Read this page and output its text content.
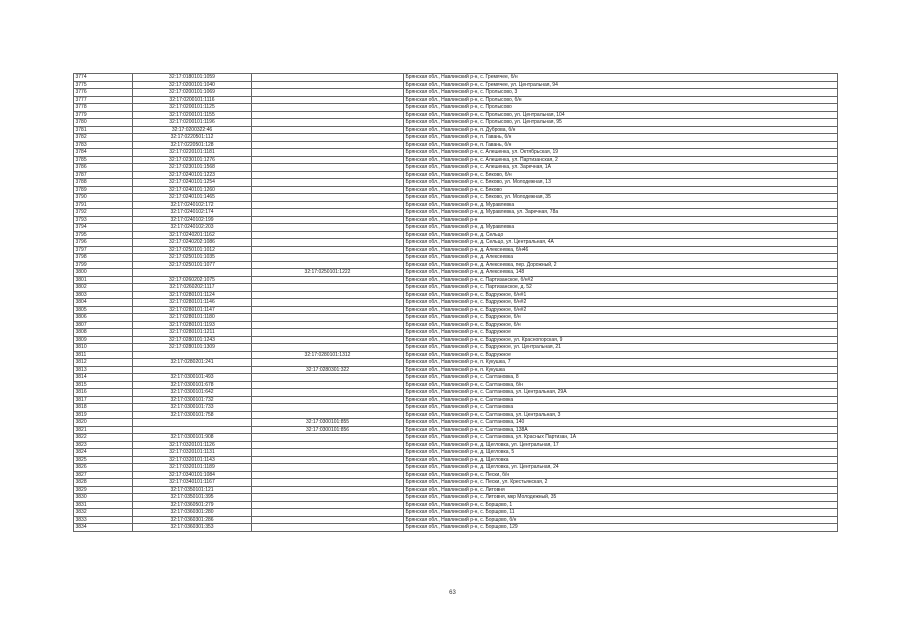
3774	32:17:0180101:1059		Брянская обл., Навлинский р-н, с. Гремячее, б/н
3775	32:17:0200101:1040		Брянская обл., Навлинский р-н, с. Гремячее, ул. Центральная, 94
3776	32:17:0200101:1069		Брянская обл., Навлинский р-н, с. Пролысово, 3
3777	32:17:0200101:1116		Брянская обл., Навлинский р-н, с. Пролысово, б/н
3778	32:17:0200101:1125		Брянская обл., Навлинский р-н, с. Пролысово
3779	32:17:0200101:1155		Брянская обл., Навлинский р-н, с. Пролысово, ул. Центральная, 104
3780	32:17:0200101:1196		Брянская обл., Навлинский р-н, с. Пролысово, ул. Центральная, 95
3781	32:17:0200322:46		Брянская обл., Навлинский р-н, п. Дуброва, б/н
3782	32:17:0220501:112		Брянская обл., Навлинский р-н, п. Гавань, б/н
3783	32:17:0220501:128		Брянская обл., Навлинский р-н, п. Гавань, б/н
3784	32:17:0220101:1181		Брянская обл., Навлинский р-н, с. Алешенка, ул. Октябрьская, 19
3785	32:17:0230101:1276		Брянская обл., Навлинский р-н, с. Алешенка, ул. Партизанская, 2
3786	32:17:0230101:1568		Брянская обл., Навлинский р-н, с. Алешенка, ул. Заречная, 1А
3787	32:17:0240101:1223		Брянская обл., Навлинский р-н, с. Бяково, б/н
3788	32:17:0240101:1254		Брянская обл., Навлинский р-н, с. Бяково, ул. Молодежная, 13
3789	32:17:0240101:1260		Брянская обл., Навлинский р-н, с. Бяково
3790	32:17:0240101:1465		Брянская обл., Навлинский р-н, с. Бяково, ул. Молодежная, 35
3791	32:17:0240102:172		Брянская обл., Навлинский р-н, д. Муравлевка
3792	32:17:0240102:174		Брянская обл., Навлинский р-н, д. Муравлевка, ул. Заречная, 78а
3793	32:17:0240102:199		Брянская обл., Навлинский р-н
3794	32:17:0240102:203		Брянская обл., Навлинский р-н, д. Муравлевка
3795	32:17:0240201:1162		Брянская обл., Навлинский р-н, д. Сельцо
3796	32:17:0240202:1086		Брянская обл., Навлинский р-н, д. Сельцо, ул. Центральная, 4А
3797	32:17:0250101:1012		Брянская обл., Навлинский р-н, д. Алексеевка, б/н46
3798	32:17:0250101:1035		Брянская обл., Навлинский р-н, д. Алексеевка
3799	32:17:0250101:1077		Брянская обл., Навлинский р-н, д. Алексеевка, пер. Дорожный, 2
3800		32:17:0250101:1222	Брянская обл., Навлинский р-н, д. Алексеевка, 148
3801	32:17:0260202:1075		Брянская обл., Навлинский р-н, с. Партизанское, б/н#2
3802	32:17:0260202:1117		Брянская обл., Навлинский р-н, с. Партизанское, д. 52
3803	32:17:0280101:1124		Брянская обл., Навлинский р-н, с. Вздружное, б/н#1
3804	32:17:0280101:1146		Брянская обл., Навлинский р-н, с. Вздружное, б/н#2
3805	32:17:0280101:1147		Брянская обл., Навлинский р-н, с. Вздружное, б/н#2
3806	32:17:0280101:1180		Брянская обл., Навлинский р-н, с. Вздружное, б/н
3807	32:17:0280101:1193		Брянская обл., Навлинский р-н, с. Вздружное, б/н
3808	32:17:0280101:1211		Брянская обл., Навлинский р-н, с. Вздружное
3809	32:17:0280101:1243		Брянская обл., Навлинский р-н, с. Вздружное, ул. Краснопорская, 9
3810	32:17:0280101:1309		Брянская обл., Навлинский р-н, с. Вздружное, ул. Центральная, 21
3811		32:17:0280101:1312	Брянская обл., Навлинский р-н, с. Вздружное
3812	32:17:0280201:241		Брянская обл., Навлинский р-н, п. Кукушка, 7
3813		32:17:0280301:322	Брянская обл., Навлинский р-н, п. Кукушка
3814	32:17:0300101:493		Брянская обл., Навлинский р-н, с. Салтановка, 8
3815	32:17:0300101:678		Брянская обл., Навлинский р-н, с. Салтановка, б/н
3816	32:17:0300101:642		Брянская обл., Навлинский р-н, с. Салтановка, ул. Центральная, 29А
3817	32:17:0300101:732		Брянская обл., Навлинский р-н, с. Салтановка
3818	32:17:0300101:733		Брянская обл., Навлинский р-н, с. Салтановка
3819	32:17:0300101:758		Брянская обл., Навлинский р-н, с. Салтановка, ул. Центральная, 3
3820		32:17:0300101:855	Брянская обл., Навлинский р-н, с. Салтановка, 140
3821		32:17:0300101:856	Брянская обл., Навлинский р-н, с. Салтановка, 138А
3822	32:17:0300101:908		Брянская обл., Навлинский р-н, с. Салтановка, ул. Красных Партизан, 1А
3823	32:17:0320101:1126		Брянская обл., Навлинский р-н, д. Щегловка, ул. Центральная, 17
3824	32:17:0320101:1131		Брянская обл., Навлинский р-н, д. Щегловка, 5
3825	32:17:0320101:1143		Брянская обл., Навлинский р-н, д. Щегловка
3826	32:17:0320101:1189		Брянская обл., Навлинский р-н, д. Щегловка, ул. Центральная, 24
3827	32:17:0340101:1084		Брянская обл., Навлинский р-н, с. Пески, б/н
3828	32:17:0340101:1167		Брянская обл., Навлинский р-н, с. Пески, ул. Крестьянская, 2
3829	32:17:0350101:121		Брянская обл., Навлинский р-н, с. Литовня
3830	32:17:0350101:395		Брянская обл., Навлинский р-н, с. Литовня, мкр Молодежный, 35
3831	32:17:0360501:279		Брянская обл., Навлинский р-н, с. Борщово, 1
3832	32:17:0360301:280		Брянская обл., Навлинский р-н, с. Борщово, 11
3833	32:17:0360301:286		Брянская обл., Навлинский р-н, с. Борщово, б/н
3834	32:17:0360301:353		Брянская обл., Навлинский р-н, с. Борщово, 129
63
